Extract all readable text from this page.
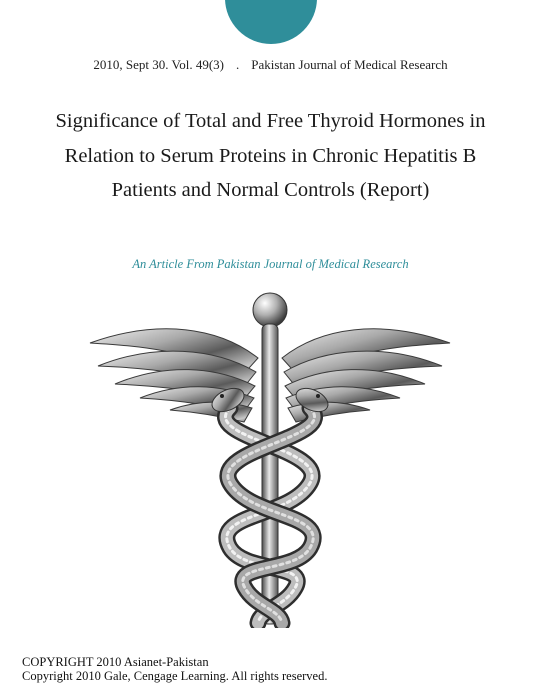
2010, Sept 30. Vol. 49(3) . Pakistan Journal of Medical Research
Significance of Total and Free Thyroid Hormones in Relation to Serum Proteins in Chronic Hepatitis B Patients and Normal Controls (Report)
An Article From Pakistan Journal of Medical Research
COPYRIGHT 2010 Asianet-Pakistan
Copyright 2010 Gale, Cengage Learning. All rights reserved.
